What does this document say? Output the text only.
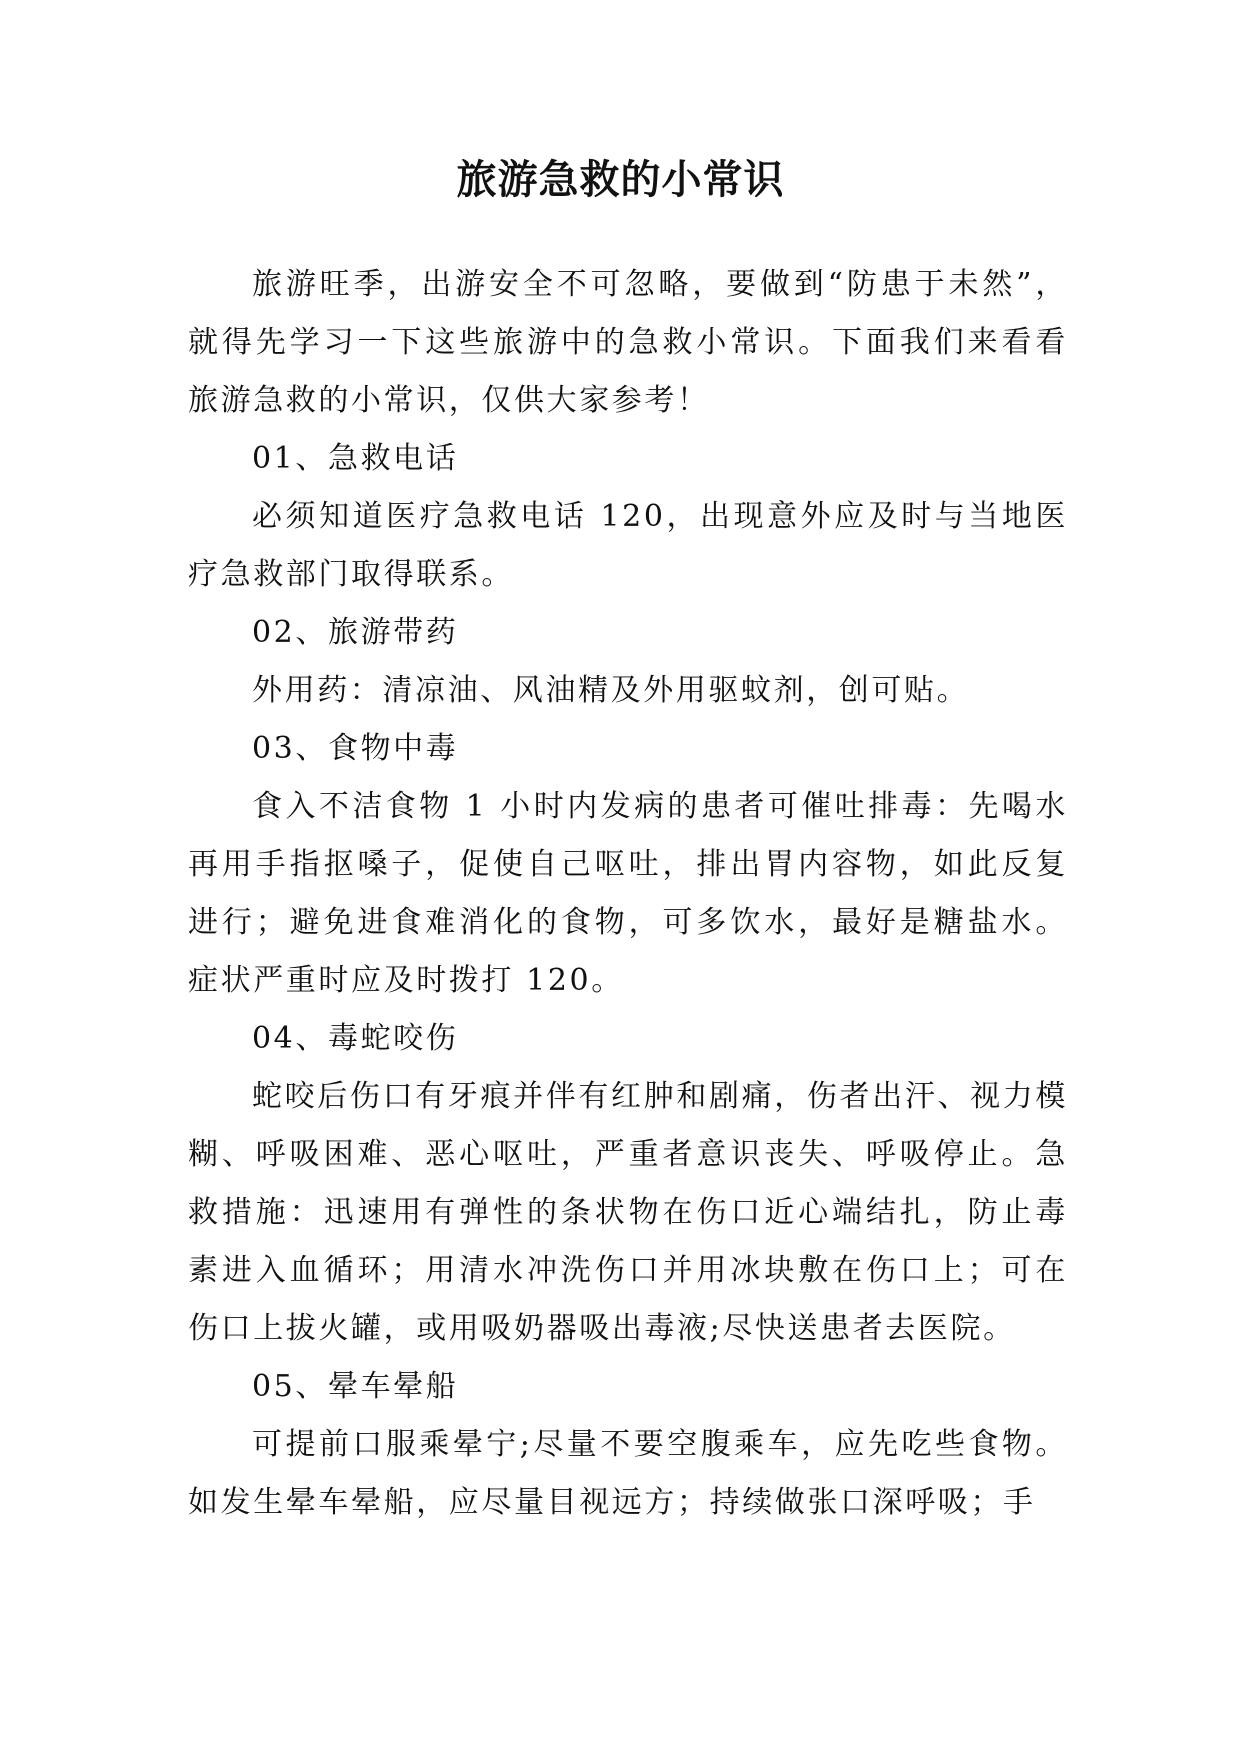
旅游急救的小常识

旅游旺季，出游安全不可忽略，要做到“防患于未然”，就得先学习一下这些旅游中的急救小常识。下面我们来看看旅游急救的小常识，仅供大家参考！

01、急救电话

必须知道医疗急救电话 120，出现意外应及时与当地医疗急救部门取得联系。

02、旅游带药

外用药：清凉油、风油精及外用驱蚊剂，创可贴。

03、食物中毒

食入不洁食物 1 小时内发病的患者可催吐排毒：先喝水再用手指抠嗓子，促使自己呕吐，排出胃内容物，如此反复进行；避免进食难消化的食物，可多饮水，最好是糖盐水。症状严重时应及时拨打 120。

04、毒蛇咬伤

蛇咬后伤口有牙痕并伴有红肿和剧痛，伤者出汗、视力模糊、呼吸困难、恶心呕吐，严重者意识丧失、呼吸停止。急救措施：迅速用有弹性的条状物在伤口近心端结扎，防止毒素进入血循环；用清水冲洗伤口并用冰块敷在伤口上；可在伤口上拔火罐，或用吸奶器吸出毒液;尽快送患者去医院。

05、晕车晕船

可提前口服乘晕宁;尽量不要空腹乘车，应先吃些食物。如发生晕车晕船，应尽量目视远方；持续做张口深呼吸；手
